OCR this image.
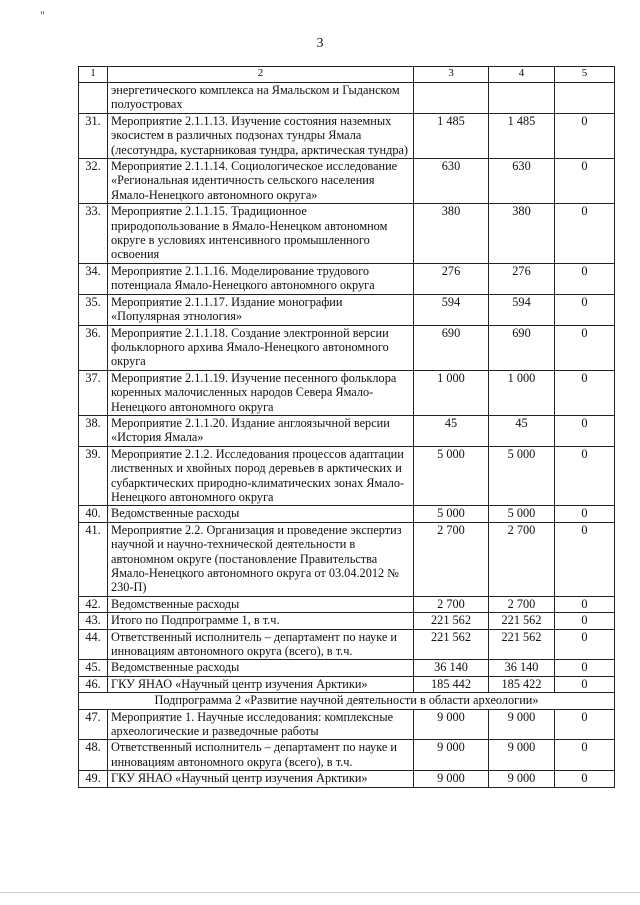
"
3
1	2	3	4	5
	энергетического комплекса на Ямальском и Гыданском полуостровах			
31.	Мероприятие 2.1.1.13. Изучение состояния наземных экосистем в различных подзонах тундры Ямала (лесотундра, кустарниковая тундра, арктическая тундра)	1 485	1 485	0
32.	Мероприятие 2.1.1.14. Социологическое исследование «Региональная идентичность сельского населения Ямало-Ненецкого автономного округа»	630	630	0
33.	Мероприятие 2.1.1.15. Традиционное природопользование в Ямало-Ненецком автономном округе в условиях интенсивного промышленного освоения	380	380	0
34.	Мероприятие 2.1.1.16. Моделирование трудового потенциала Ямало-Ненецкого автономного округа	276	276	0
35.	Мероприятие 2.1.1.17. Издание монографии «Популярная этнология»	594	594	0
36.	Мероприятие 2.1.1.18. Создание электронной версии фольклорного архива Ямало-Ненецкого автономного округа	690	690	0
37.	Мероприятие 2.1.1.19. Изучение песенного фольклора коренных малочисленных народов Севера Ямало-Ненецкого автономного округа	1 000	1 000	0
38.	Мероприятие 2.1.1.20. Издание англоязычной версии «История Ямала»	45	45	0
39.	Мероприятие 2.1.2. Исследования процессов адаптации лиственных и хвойных пород деревьев в арктических и субарктических природно-климатических зонах Ямало-Ненецкого автономного округа	5 000	5 000	0
40.	Ведомственные расходы	5 000	5 000	0
41.	Мероприятие 2.2. Организация и проведение экспертиз научной и научно-технической деятельности в автономном округе (постановление Правительства Ямало-Ненецкого автономного округа от 03.04.2012 № 230-П)	2 700	2 700	0
42.	Ведомственные расходы	2 700	2 700	0
43.	Итого по Подпрограмме 1, в т.ч.	221 562	221 562	0
44.	Ответственный исполнитель – департамент по науке и инновациям автономного округа (всего), в т.ч.	221 562	221 562	0
45.	Ведомственные расходы	36 140	36 140	0
46.	ГКУ ЯНАО «Научный центр изучения Арктики»	185 442	185 422	0
Подпрограмма 2 «Развитие научной деятельности в области археологии»				
47.	Мероприятие 1. Научные исследования: комплексные археологические и разведочные работы	9 000	9 000	0
48.	Ответственный исполнитель – департамент по науке и инновациям автономного округа (всего), в т.ч.	9 000	9 000	0
49.	ГКУ ЯНАО «Научный центр изучения Арктики»	9 000	9 000	0
